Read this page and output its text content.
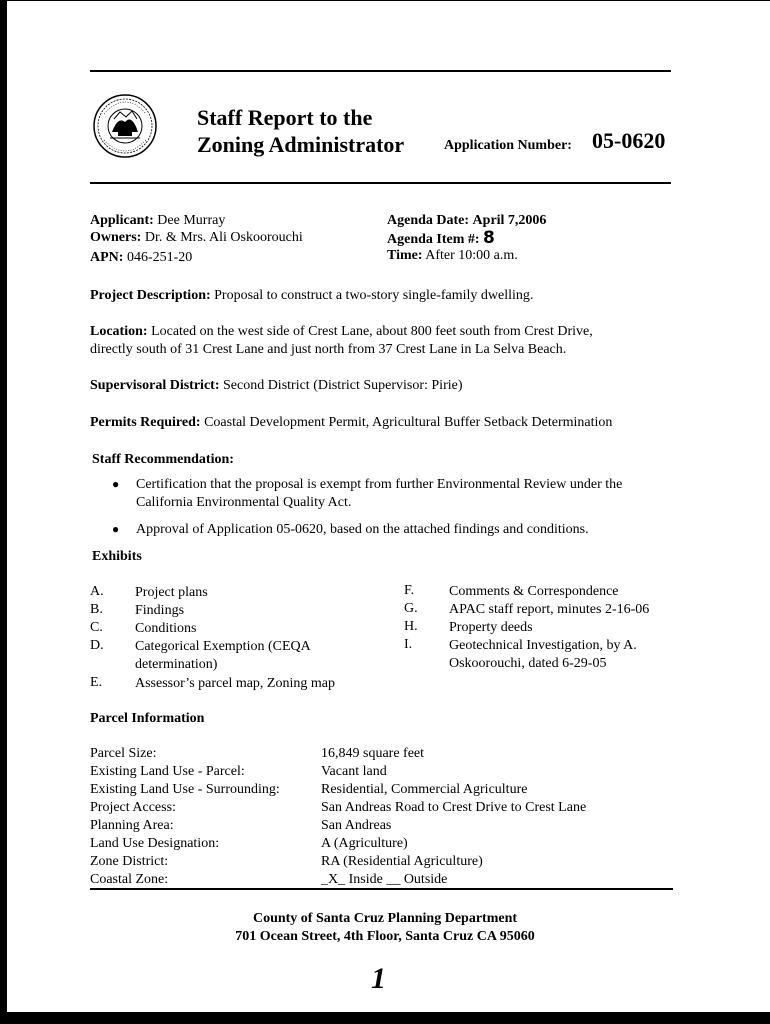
Staff Report to the
Zoning Administrator	Application Number: 05-0620
Applicant: Dee Murray
Owners: Dr. & Mrs. Ali Oskoorouchi
APN: 046-251-20
Agenda Date: April 7,2006
Agenda Item #: 8
Time: After 10:00 a.m.
Project Description: Proposal to construct a two-story single-family dwelling.
Location: Located on the west side of Crest Lane, about 800 feet south from Crest Drive,
directly south of 31 Crest Lane and just north from 37 Crest Lane in La Selva Beach.
Supervisoral District: Second District (District Supervisor: Pirie)
Permits Required: Coastal Development Permit, Agricultural Buffer Setback Determination
Staff Recommendation:
● Certification that the proposal is exempt from further Environmental Review under the
California Environmental Quality Act.
● Approval of Application 05-0620, based on the attached findings and conditions.
Exhibits
A. Project plans
B. Findings
C. Conditions
D. Categorical Exemption (CEQA
determination)
E. Assessor’s parcel map, Zoning map
F. Comments & Correspondence
G. APAC staff report, minutes 2-16-06
H. Property deeds
I.	Geotechnical Investigation, by A.
Oskoorouchi, dated 6-29-05
Parcel Information
Parcel Size:	16,849 square feet
Existing Land Use - Parcel:	Vacant land
Existing Land Use - Surrounding:	Residential, Commercial Agriculture
Project Access:	San Andreas Road to Crest Drive to Crest Lane
Planning Area:	San Andreas
Land Use Designation:	A (Agriculture)
Zone District:	RA (Residential Agriculture)
Coastal Zone:	_X_ Inside __ Outside
County of Santa Cruz Planning Department
701 Ocean Street, 4th Floor, Santa Cruz CA 95060
1
